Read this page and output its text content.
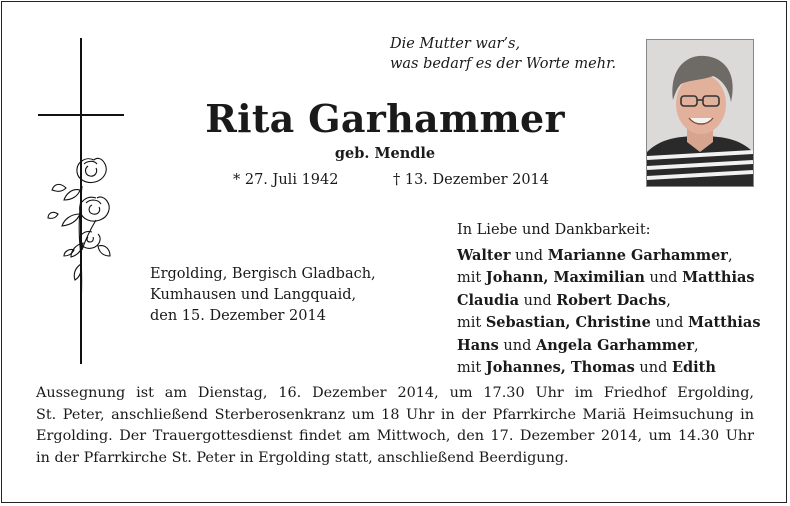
Die Mutter war’s,
was bedarf es der Worte mehr.
Rita Garhammer
geb. Mendle
* 27. Juli 1942	† 13. Dezember 2014
Ergolding, Bergisch Gladbach,
Kumhausen und Langquaid,
den 15. Dezember 2014
In Liebe und Dankbarkeit:
Walter und Marianne Garhammer,
mit Johann, Maximilian und Matthias
Claudia und Robert Dachs,
mit Sebastian, Christine und Matthias
Hans und Angela Garhammer,
mit Johannes, Thomas und Edith
Aussegnung ist am Dienstag, 16. Dezember 2014, um 17.30 Uhr im Friedhof Ergolding,
St. Peter, anschließend Sterberosenkranz um 18 Uhr in der Pfarrkirche Mariä Heimsuchung in
Ergolding. Der Trauergottesdienst findet am Mittwoch, den 17. Dezember 2014, um 14.30 Uhr
in der Pfarrkirche St. Peter in Ergolding statt, anschließend Beerdigung.
